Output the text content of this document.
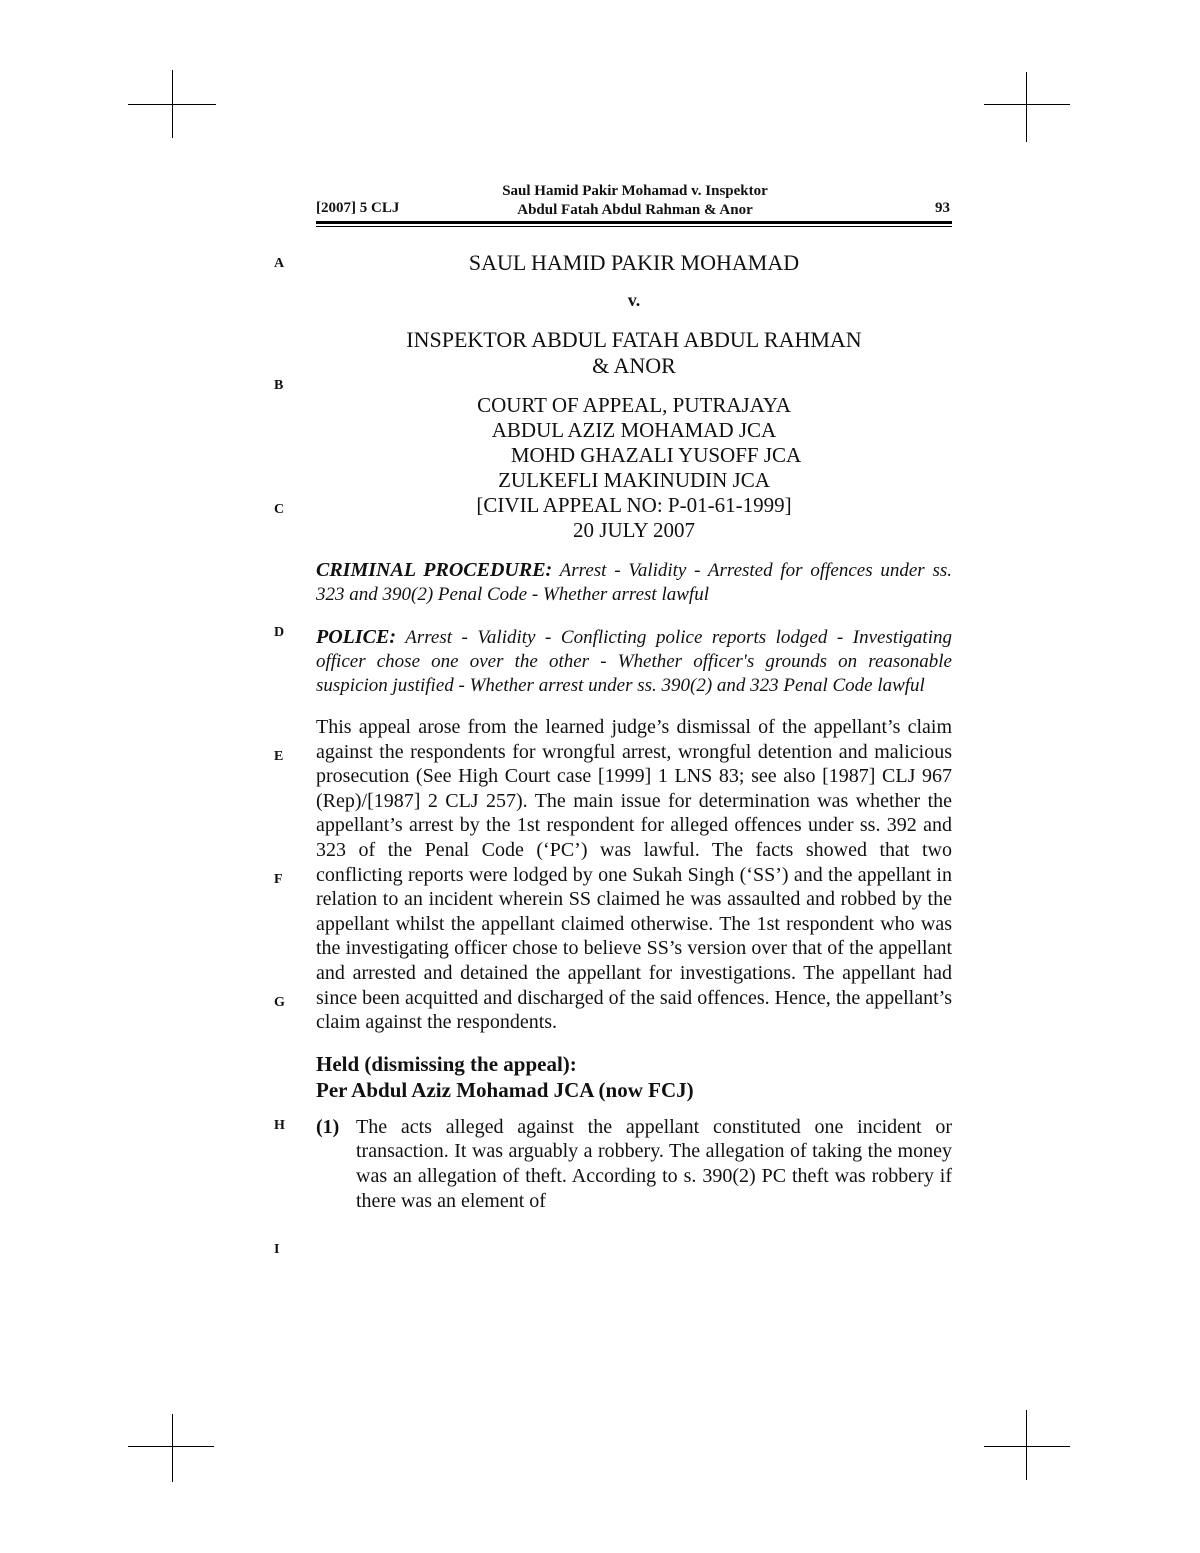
[2007] 5 CLJ
Saul Hamid Pakir Mohamad v. Inspektor
Abdul Fatah Abdul Rahman & Anor	93
A
B
C
D
E
F
G
H
I
SAUL HAMID PAKIR MOHAMAD
v.
INSPEKTOR ABDUL FATAH ABDUL RAHMAN
& ANOR
COURT OF APPEAL, PUTRAJAYA
ABDUL AZIZ MOHAMAD JCA
MOHD GHAZALI YUSOFF JCA
ZULKEFLI MAKINUDIN JCA
[CIVIL APPEAL NO: P-01-61-1999]
20 JULY 2007
CRIMINAL PROCEDURE: Arrest - Validity - Arrested for offences under ss. 323 and 390(2) Penal Code - Whether arrest lawful
POLICE: Arrest - Validity - Conflicting police reports lodged - Investigating officer chose one over the other - Whether officer's grounds on reasonable suspicion justified - Whether arrest under ss. 390(2) and 323 Penal Code lawful
This appeal arose from the learned judge’s dismissal of the appellant’s claim against the respondents for wrongful arrest, wrongful detention and malicious prosecution (See High Court case [1999] 1 LNS 83; see also [1987] CLJ 967 (Rep)/[1987] 2 CLJ 257). The main issue for determination was whether the appellant’s arrest by the 1st respondent for alleged offences under ss. 392 and 323 of the Penal Code (‘PC’) was lawful. The facts showed that two conflicting reports were lodged by one Sukah Singh (‘SS’) and the appellant in relation to an incident wherein SS claimed he was assaulted and robbed by the appellant whilst the appellant claimed otherwise. The 1st respondent who was the investigating officer chose to believe SS’s version over that of the appellant and arrested and detained the appellant for investigations. The appellant had since been acquitted and discharged of the said offences. Hence, the appellant’s claim against the respondents.
Held (dismissing the appeal):
Per Abdul Aziz Mohamad JCA (now FCJ)
(1) The acts alleged against the appellant constituted one incident or transaction. It was arguably a robbery. The allegation of taking the money was an allegation of theft. According to s. 390(2) PC theft was robbery if there was an element of
